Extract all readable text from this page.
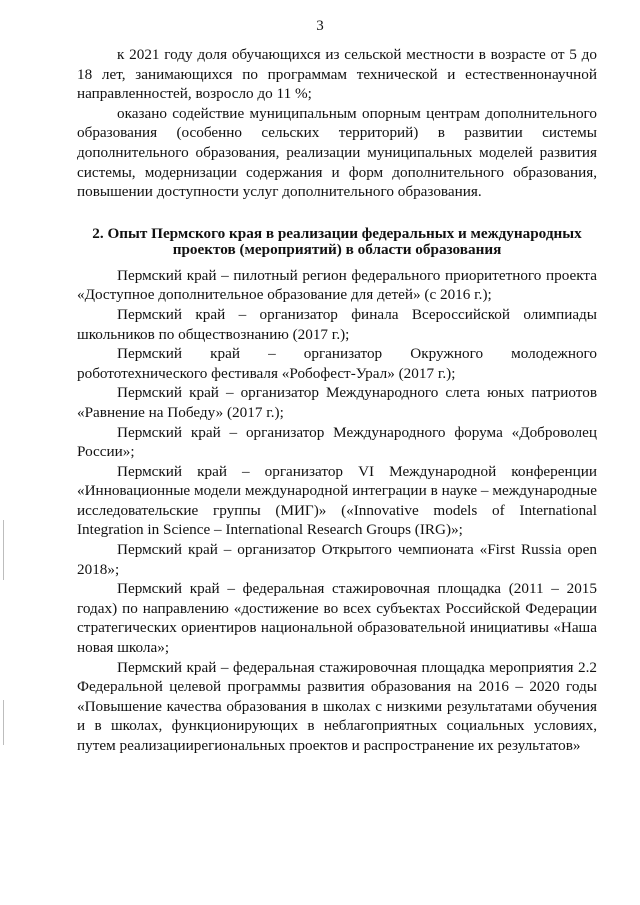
3

к 2021 году доля обучающихся из сельской местности в возрасте от 5 до 18 лет, занимающихся по программам технической и естественнонаучной направленностей, возросло до 11 %;

оказано содействие муниципальным опорным центрам дополнительного образования (особенно сельских территорий) в развитии системы дополнительного образования, реализации муниципальных моделей развития системы, модернизации содержания и форм дополнительного образования, повышении доступности услуг дополнительного образования.

2. Опыт Пермского края в реализации федеральных и международных
проектов (мероприятий) в области образования

Пермский край – пилотный регион федерального приоритетного проекта «Доступное дополнительное образование для детей» (с 2016 г.);

Пермский край – организатор финала Всероссийской олимпиады школьников по обществознанию (2017 г.);

Пермский край – организатор Окружного молодежного робототехнического фестиваля «Робофест-Урал» (2017 г.);

Пермский край – организатор Международного слета юных патриотов «Равнение на Победу» (2017 г.);

Пермский край – организатор Международного форума «Доброволец России»;

Пермский край – организатор VI Международной конференции «Инновационные модели международной интеграции в науке – международные исследовательские группы (МИГ)» («Innovative models of International Integration in Science – International Research Groups (IRG)»;

Пермский край – организатор Открытого чемпионата «First Russia open 2018»;

Пермский край – федеральная стажировочная площадка (2011 – 2015 годах) по направлению «достижение во всех субъектах Российской Федерации стратегических ориентиров национальной образовательной инициативы «Наша новая школа»;

Пермский край – федеральная стажировочная площадка мероприятия 2.2 Федеральной целевой программы развития образования на 2016 – 2020 годы «Повышение качества образования в школах с низкими результатами обучения и в школах, функционирующих в неблагоприятных социальных условиях, путем реализациирегиональных проектов и распространение их результатов»
